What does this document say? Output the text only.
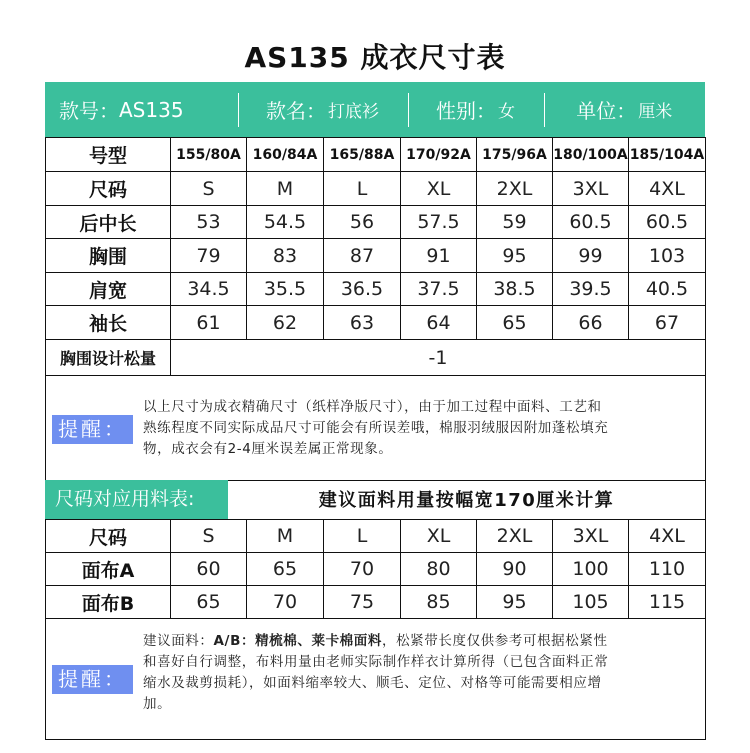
AS135 成衣尺寸表
款号： AS135	款名： 打底衫	性别： 女	单位： 厘米
号型	155/80A	160/84A	165/88A	170/92A	175/96A	180/100A	185/104A
尺码	S	M	L	XL	2XL	3XL	4XL
后中长	53	54.5	56	57.5	59	60.5	60.5
胸围	79	83	87	91	95	99	103
肩宽	34.5	35.5	36.5	37.5	38.5	39.5	40.5
袖长	61	62	63	64	65	66	67
胸围设计松量	-1						
提醒：
以上尺寸为成衣精确尺寸（纸样净版尺寸），由于加工过程中面料、工艺和
熟练程度不同实际成品尺寸可能会有所误差哦，棉服羽绒服因附加蓬松填充
物，成衣会有2-4厘米误差属正常现象。
尺码对应用料表:	建议面料用量按幅宽170厘米计算
尺码	S	M	L	XL	2XL	3XL	4XL
面布A	60	65	70	80	90	100	110
面布B	65	70	75	85	95	105	115
提醒：
建议面料：A/B：精梳棉、莱卡棉面料，松紧带长度仅供参考可根据松紧性
和喜好自行调整，布料用量由老师实际制作样衣计算所得（已包含面料正常
缩水及裁剪损耗），如面料缩率较大、顺毛、定位、对格等可能需要相应增
加。
